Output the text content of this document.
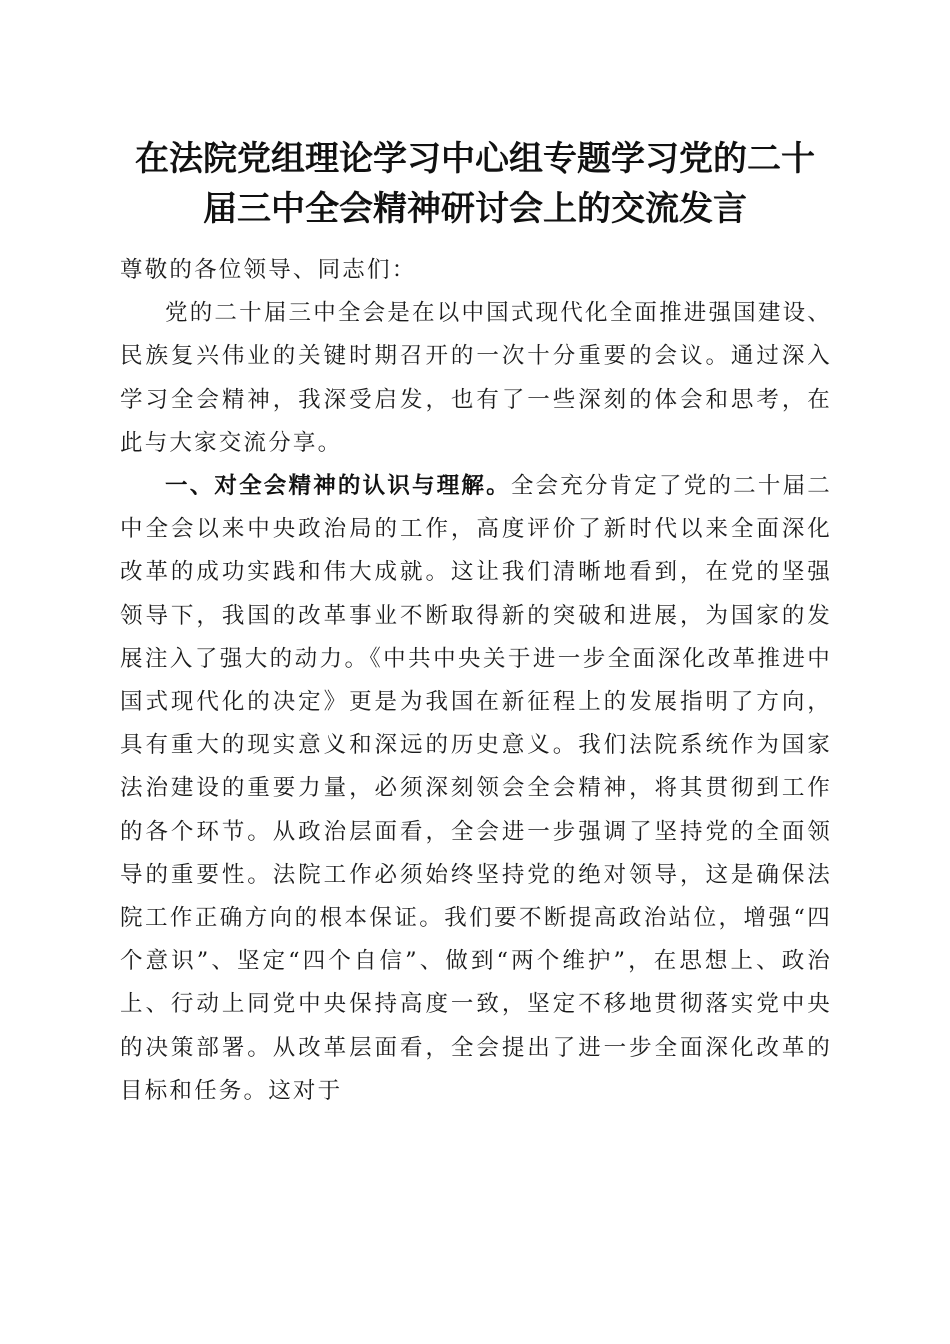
在法院党组理论学习中心组专题学习党的二十
届三中全会精神研讨会上的交流发言

尊敬的各位领导、同志们：

党的二十届三中全会是在以中国式现代化全面推进强国建设、民族复兴伟业的关键时期召开的一次十分重要的会议。通过深入学习全会精神，我深受启发，也有了一些深刻的体会和思考，在此与大家交流分享。

一、对全会精神的认识与理解。全会充分肯定了党的二十届二中全会以来中央政治局的工作，高度评价了新时代以来全面深化改革的成功实践和伟大成就。这让我们清晰地看到，在党的坚强领导下，我国的改革事业不断取得新的突破和进展，为国家的发展注入了强大的动力。《中共中央关于进一步全面深化改革推进中国式现代化的决定》更是为我国在新征程上的发展指明了方向，具有重大的现实意义和深远的历史意义。我们法院系统作为国家法治建设的重要力量，必须深刻领会全会精神，将其贯彻到工作的各个环节。从政治层面看，全会进一步强调了坚持党的全面领导的重要性。法院工作必须始终坚持党的绝对领导，这是确保法院工作正确方向的根本保证。我们要不断提高政治站位，增强“四个意识”、坚定“四个自信”、做到“两个维护”，在思想上、政治上、行动上同党中央保持高度一致，坚定不移地贯彻落实党中央的决策部署。从改革层面看，全会提出了进一步全面深化改革的目标和任务。这对于
